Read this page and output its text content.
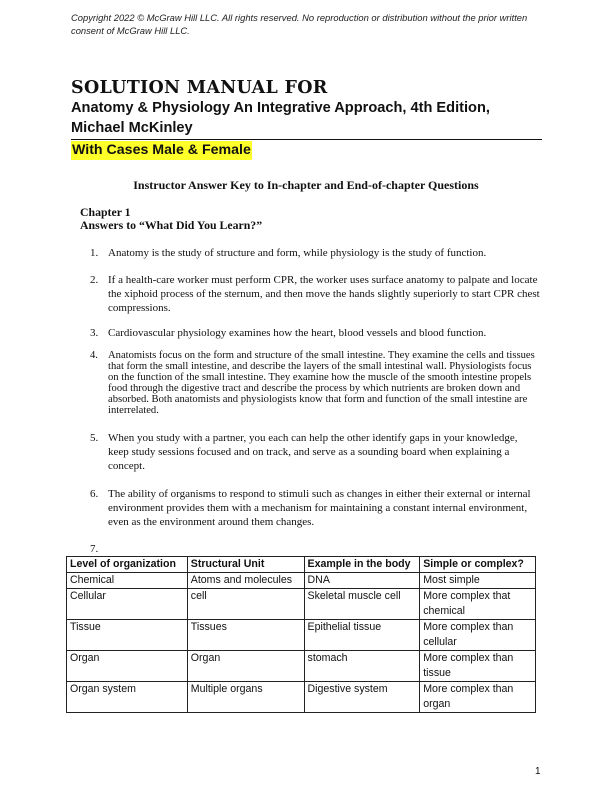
Copyright 2022 © McGraw Hill LLC. All rights reserved. No reproduction or distribution without the prior written consent of McGraw Hill LLC.
SOLUTION MANUAL FOR
Anatomy & Physiology An Integrative Approach, 4th Edition, Michael McKinley
With Cases Male & Female
Instructor Answer Key to In-chapter and End-of-chapter Questions
Chapter 1
Answers to “What Did You Learn?”
1. Anatomy is the study of structure and form, while physiology is the study of function.
2. If a health-care worker must perform CPR, the worker uses surface anatomy to palpate and locate the xiphoid process of the sternum, and then move the hands slightly superiorly to start CPR chest compressions.
3. Cardiovascular physiology examines how the heart, blood vessels and blood function.
4. Anatomists focus on the form and structure of the small intestine. They examine the cells and tissues that form the small intestine, and describe the layers of the small intestinal wall. Physiologists focus on the function of the small intestine. They examine how the muscle of the smooth intestine propels food through the digestive tract and describe the process by which nutrients are broken down and absorbed. Both anatomists and physiologists know that form and function of the small intestine are interrelated.
5. When you study with a partner, you each can help the other identify gaps in your knowledge, keep study sessions focused and on track, and serve as a sounding board when explaining a concept.
6. The ability of organisms to respond to stimuli such as changes in either their external or internal environment provides them with a mechanism for maintaining a constant internal environment, even as the environment around them changes.
7.
Level of organization	Structural Unit	Example in the body	Simple or complex?
Chemical	Atoms and molecules	DNA	Most simple
Cellular	cell	Skeletal muscle cell	More complex that chemical
Tissue	Tissues	Epithelial tissue	More complex than cellular
Organ	Organ	stomach	More complex than tissue
Organ system	Multiple organs	Digestive system	More complex than organ
1
